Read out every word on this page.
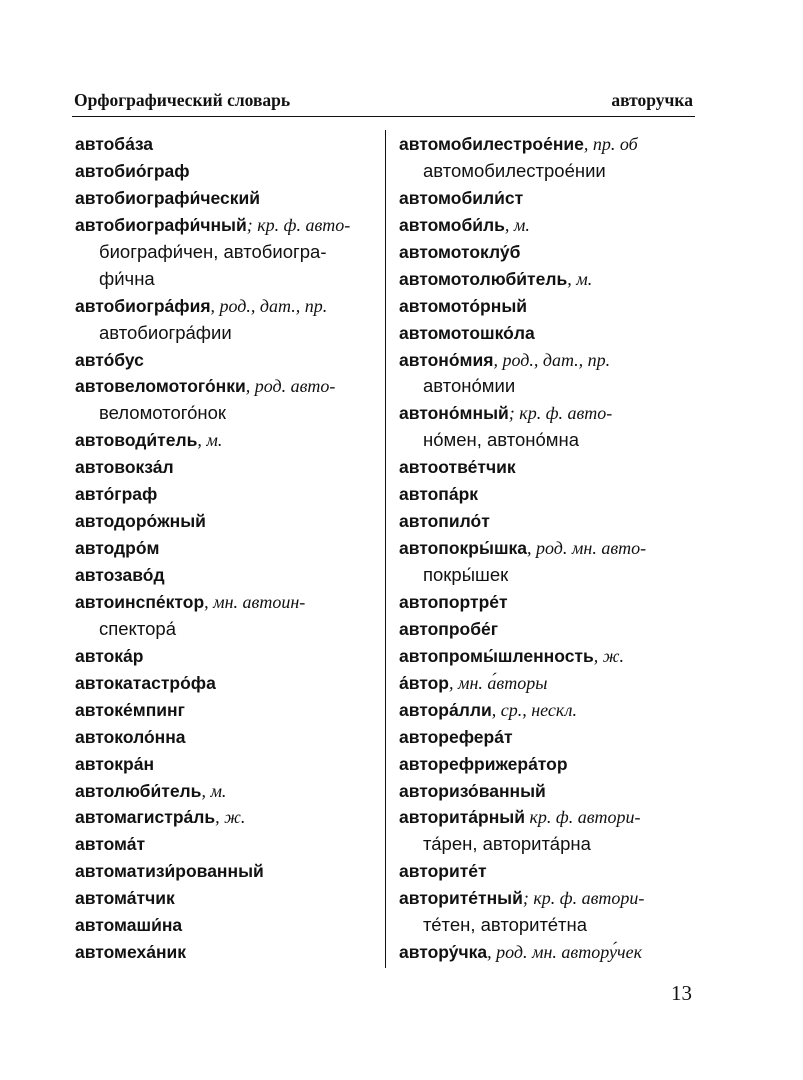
Орфографический словарь	авторучка
автоба́за
автобио́граф
автобиографи́ческий
автобиографи́чный; кр. ф. авто-
биографи́чен, автобиогра-
фи́чна
автобиогра́фия, род., дат., пр.
автобиогра́фии
авто́бус
автовеломотого́нки, род. авто-
веломотого́нок
автоводи́тель, м.
автовокза́л
авто́граф
автодоро́жный
автодро́м
автозаво́д
автоинспе́ктор, мн. автоин-
спектора́
автока́р
автокатастро́фа
автоке́мпинг
автоколо́нна
автокра́н
автолюби́тель, м.
автомагистра́ль, ж.
автома́т
автоматизи́рованный
автома́тчик
автомаши́на
автомеха́ник
автомобилестрое́ние, пр. об
автомобилестрое́нии
автомобили́ст
автомоби́ль, м.
автомотоклу́б
автомотолюби́тель, м.
автомото́рный
автомотошко́ла
автоно́мия, род., дат., пр.
автоно́мии
автоно́мный; кр. ф. авто-
но́мен, автоно́мна
автоотве́тчик
автопа́рк
автопило́т
автопокры́шка, род. мн. авто-
покры́шек
автопортре́т
автопробе́г
автопромы́шленность, ж.
а́втор, мн. а́вторы
автора́лли, ср., нескл.
автореферáт
авторефрижера́тор
авторизо́ванный
авторита́рный кр. ф. автори-
та́рен, авторита́рна
авторите́т
авторите́тный; кр. ф. автори-
те́тен, авторите́тна
автору́чка, род. мн. автору́чек
13
